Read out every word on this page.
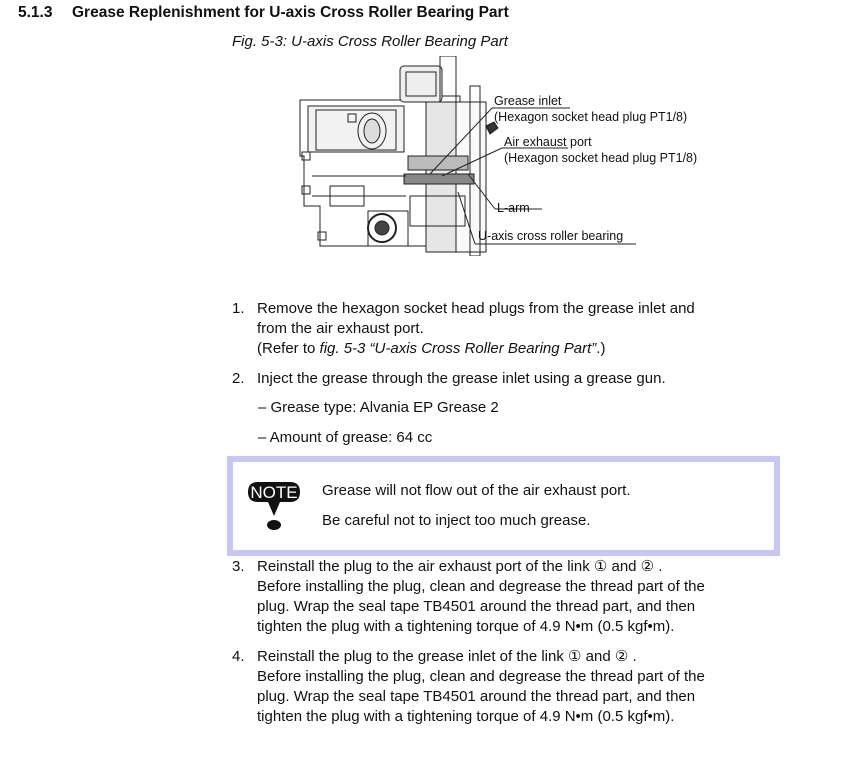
5.1.3 Grease Replenishment for U-axis Cross Roller Bearing Part
Fig. 5-3: U-axis Cross Roller Bearing Part
Grease inlet
(Hexagon socket head plug PT1/8)
Air exhaust port
(Hexagon socket head plug PT1/8)
L-arm
U-axis cross roller bearing
1. Remove the hexagon socket head plugs from the grease inlet and
from the air exhaust port.
(Refer to fig. 5-3 “U-axis Cross Roller Bearing Part”.)
2. Inject the grease through the grease inlet using a grease gun.
– Grease type: Alvania EP Grease 2
– Amount of grease: 64 cc
NOTE Grease will not flow out of the air exhaust port.
Be careful not to inject too much grease.
3. Reinstall the plug to the air exhaust port of the link ① and ② .
Before installing the plug, clean and degrease the thread part of the
plug. Wrap the seal tape TB4501 around the thread part, and then
tighten the plug with a tightening torque of 4.9 N•m (0.5 kgf•m).
4. Reinstall the plug to the grease inlet of the link ① and ② .
Before installing the plug, clean and degrease the thread part of the
plug. Wrap the seal tape TB4501 around the thread part, and then
tighten the plug with a tightening torque of 4.9 N•m (0.5 kgf•m).
